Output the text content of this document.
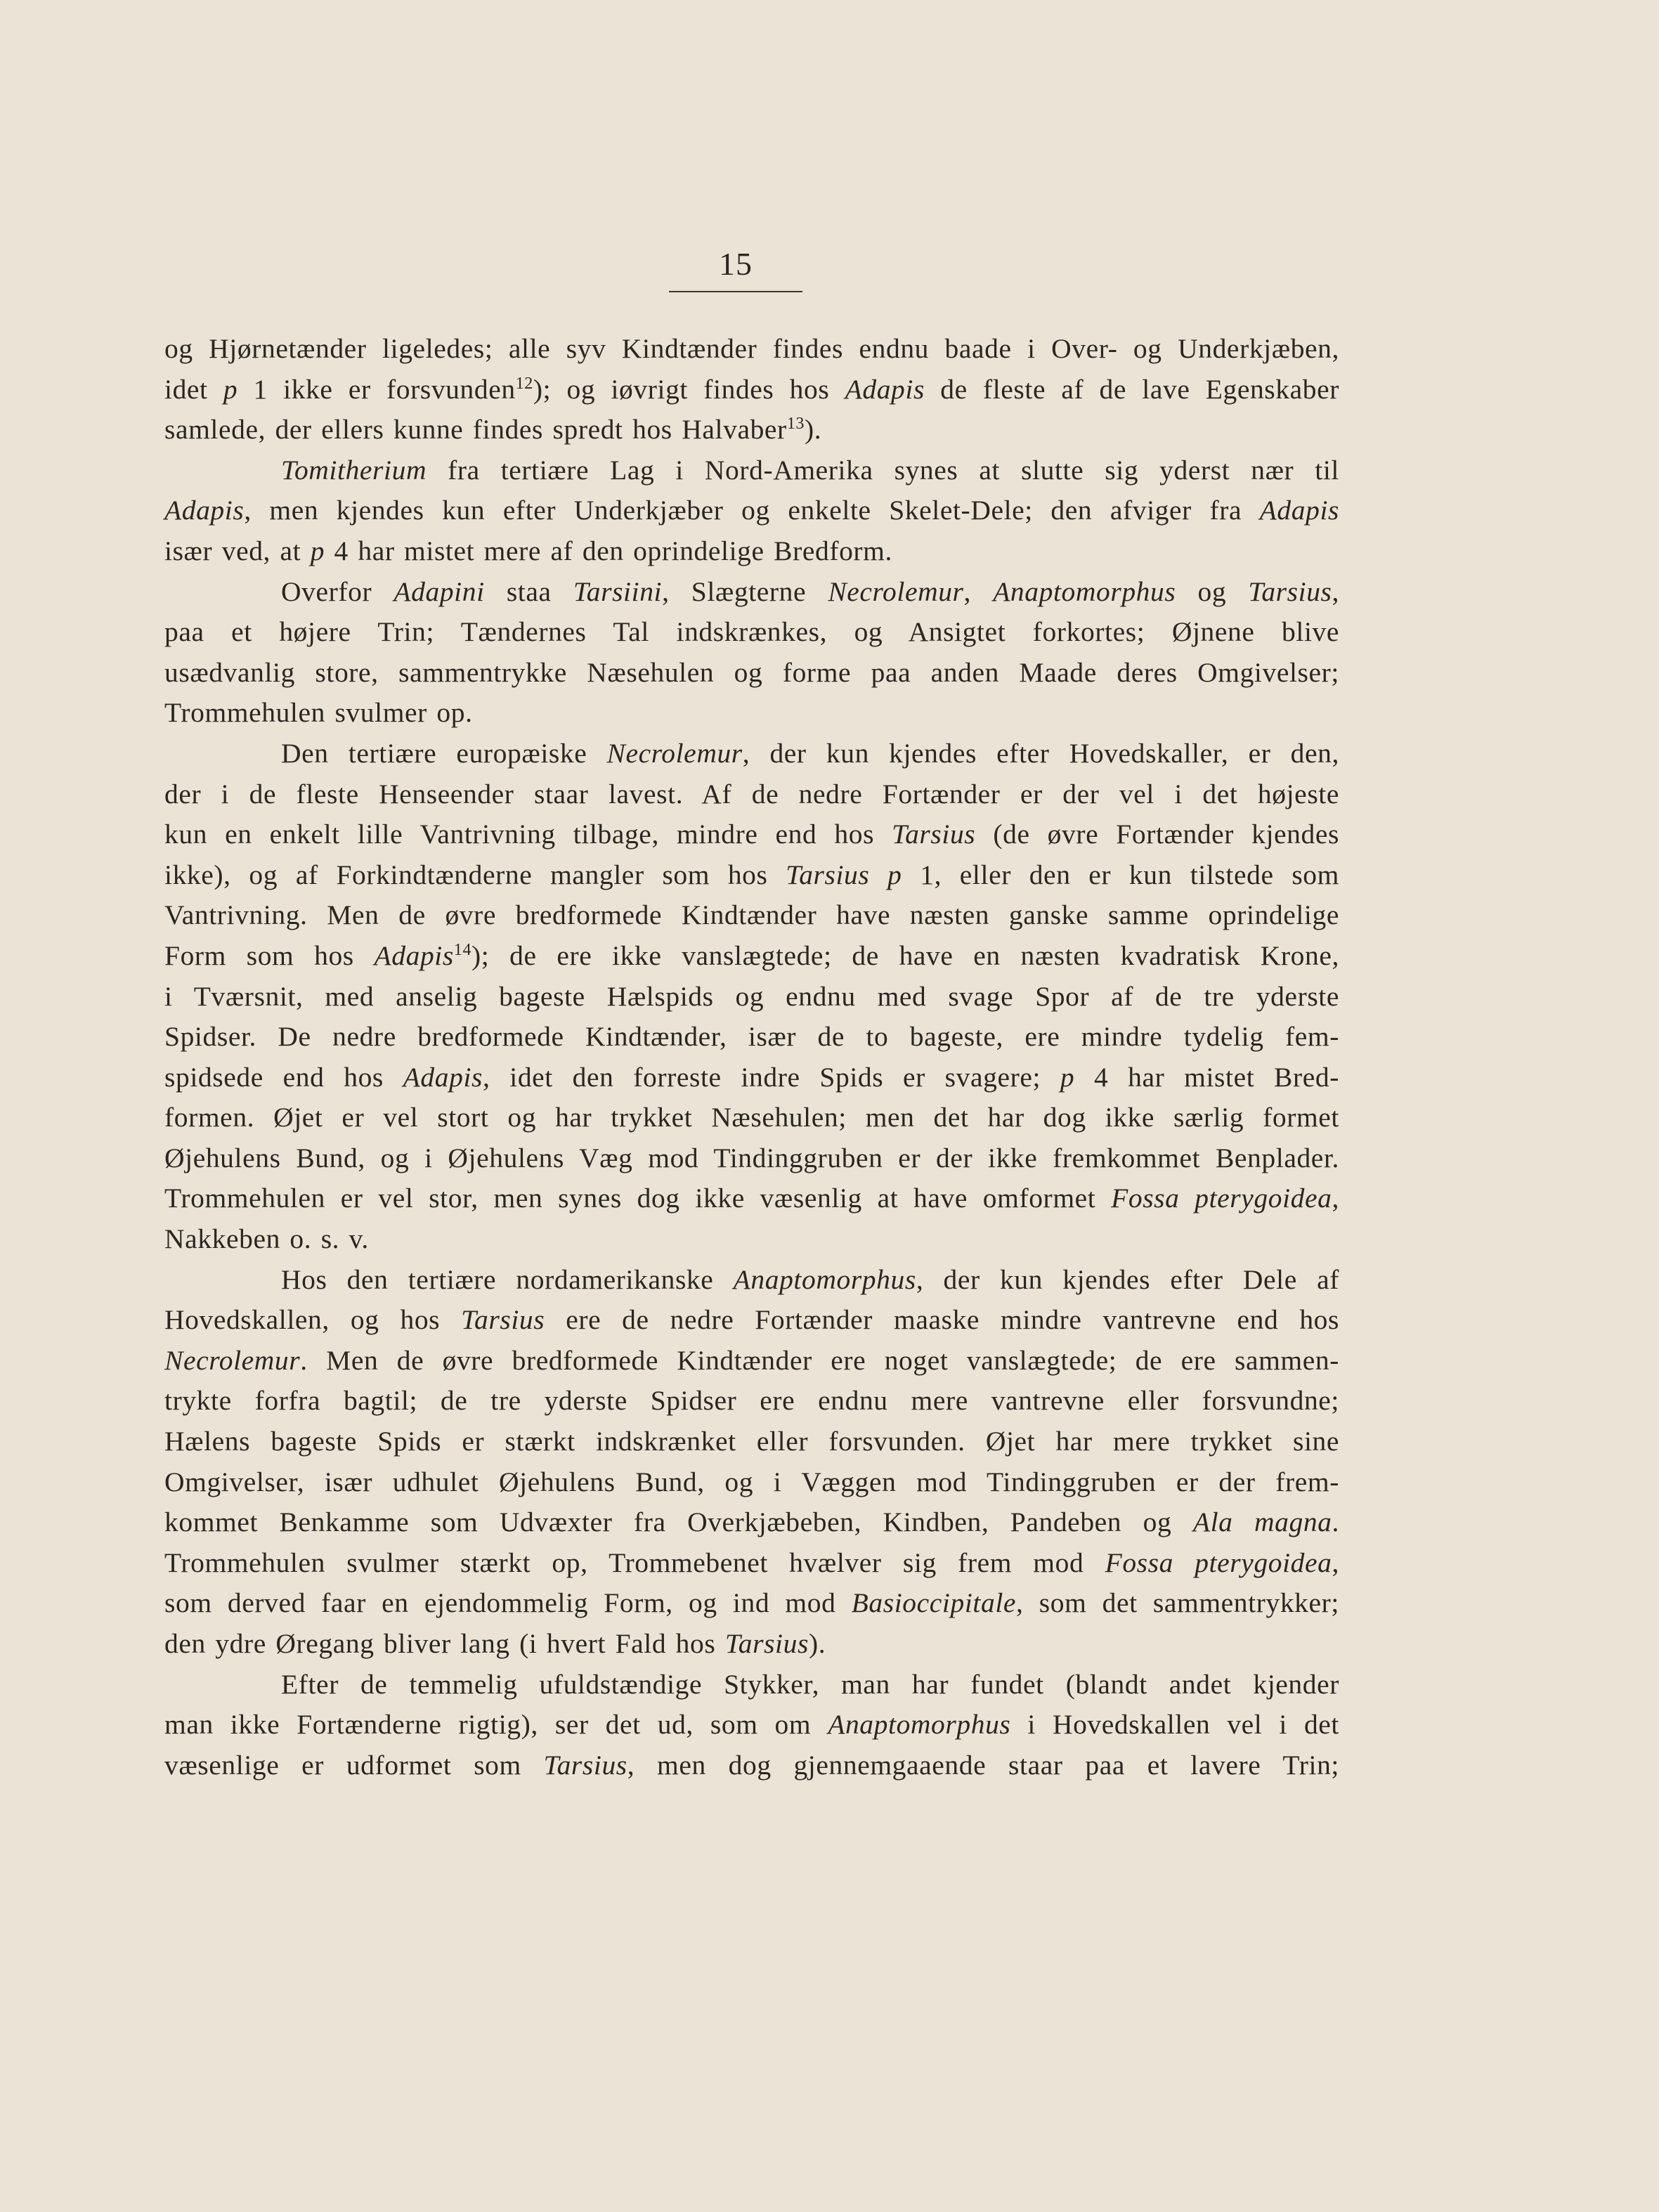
15
og Hjørnetænder ligeledes; alle syv Kindtænder findes endnu baade i Over- og Underkjæben,
idet p 1 ikke er forsvunden$^{12}$); og iøvrigt findes hos Adapis de fleste af de lave Egenskaber
samlede, der ellers kunne findes spredt hos Halvaber$^{13}$).
Tomitherium fra tertiære Lag i Nord-Amerika synes at slutte sig yderst nær til
Adapis, men kjendes kun efter Underkjæber og enkelte Skelet-Dele; den afviger fra Adapis
især ved, at p 4 har mistet mere af den oprindelige Bredform.
Overfor Adapini staa Tarsiini, Slægterne Necrolemur, Anaptomorphus og Tarsius,
paa et højere Trin; Tændernes Tal indskrænkes, og Ansigtet forkortes; Øjnene blive
usædvanlig store, sammentrykke Næsehulen og forme paa anden Maade deres Omgivelser;
Trommehulen svulmer op.
Den tertiære europæiske Necrolemur, der kun kjendes efter Hovedskaller, er den,
der i de fleste Henseender staar lavest. Af de nedre Fortænder er der vel i det højeste
kun en enkelt lille Vantrivning tilbage, mindre end hos Tarsius (de øvre Fortænder kjendes
ikke), og af Forkindtænderne mangler som hos Tarsius p 1, eller den er kun tilstede som
Vantrivning. Men de øvre bredformede Kindtænder have næsten ganske samme oprindelige
Form som hos Adapis$^{14}$); de ere ikke vanslægtede; de have en næsten kvadratisk Krone,
i Tværsnit, med anselig bageste Hælspids og endnu med svage Spor af de tre yderste
Spidser. De nedre bredformede Kindtænder, især de to bageste, ere mindre tydelig fem-
spidsede end hos Adapis, idet den forreste indre Spids er svagere; p 4 har mistet Bred-
formen. Øjet er vel stort og har trykket Næsehulen; men det har dog ikke særlig formet
Øjehulens Bund, og i Øjehulens Væg mod Tindinggruben er der ikke fremkommet Benplader.
Trommehulen er vel stor, men synes dog ikke væsenlig at have omformet Fossa pterygoidea,
Nakkeben o. s. v.
Hos den tertiære nordamerikanske Anaptomorphus, der kun kjendes efter Dele af
Hovedskallen, og hos Tarsius ere de nedre Fortænder maaske mindre vantrevne end hos
Necrolemur. Men de øvre bredformede Kindtænder ere noget vanslægtede; de ere sammen-
trykte forfra bagtil; de tre yderste Spidser ere endnu mere vantrevne eller forsvundne;
Hælens bageste Spids er stærkt indskrænket eller forsvunden. Øjet har mere trykket sine
Omgivelser, især udhulet Øjehulens Bund, og i Væggen mod Tindinggruben er der frem-
kommet Benkamme som Udvæxter fra Overkjæbeben, Kindben, Pandeben og Ala magna.
Trommehulen svulmer stærkt op, Trommebenet hvælver sig frem mod Fossa pterygoidea,
som derved faar en ejendommelig Form, og ind mod Basioccipitale, som det sammentrykker;
den ydre Øregang bliver lang (i hvert Fald hos Tarsius).
Efter de temmelig ufuldstændige Stykker, man har fundet (blandt andet kjender
man ikke Fortænderne rigtig), ser det ud, som om Anaptomorphus i Hovedskallen vel i det
væsenlige er udformet som Tarsius, men dog gjennemgaaende staar paa et lavere Trin;
